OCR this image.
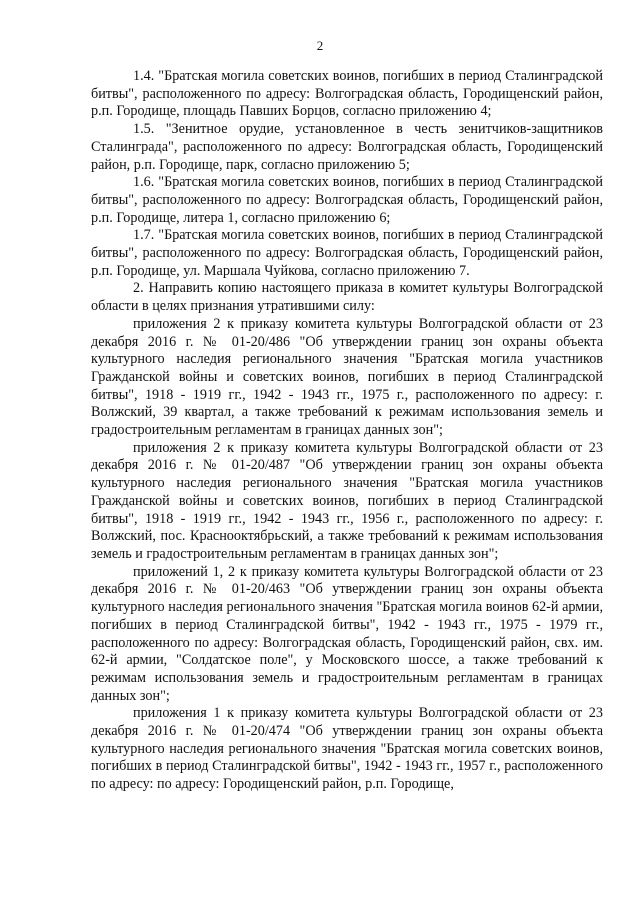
2

1.4. "Братская могила советских воинов, погибших в период Сталинградской битвы", расположенного по адресу: Волгоградская область, Городищенский район, р.п. Городище, площадь Павших Борцов, согласно приложению 4;

1.5. "Зенитное орудие, установленное в честь зенитчиков-защитников Сталинграда", расположенного по адресу: Волгоградская область, Городищенский район, р.п. Городище, парк, согласно приложению 5;

1.6. "Братская могила советских воинов, погибших в период Сталинградской битвы", расположенного по адресу: Волгоградская область, Городищенский район, р.п. Городище, литера 1, согласно приложению 6;

1.7. "Братская могила советских воинов, погибших в период Сталинградской битвы", расположенного по адресу: Волгоградская область, Городищенский район, р.п. Городище, ул. Маршала Чуйкова, согласно приложению 7.

2. Направить копию настоящего приказа в комитет культуры Волгоградской области в целях признания утратившими силу:

приложения 2 к приказу комитета культуры Волгоградской области от 23 декабря 2016 г. № 01-20/486 "Об утверждении границ зон охраны объекта культурного наследия регионального значения "Братская могила участников Гражданской войны и советских воинов, погибших в период Сталинградской битвы", 1918 - 1919 гг., 1942 - 1943 гг., 1975 г., расположенного по адресу: г. Волжский, 39 квартал, а также требований к режимам использования земель и градостроительным регламентам в границах данных зон";

приложения 2 к приказу комитета культуры Волгоградской области от 23 декабря 2016 г. № 01-20/487 "Об утверждении границ зон охраны объекта культурного наследия регионального значения "Братская могила участников Гражданской войны и советских воинов, погибших в период Сталинградской битвы", 1918 - 1919 гг., 1942 - 1943 гг., 1956 г., расположенного по адресу: г. Волжский, пос. Краснооктябрьский, а также требований к режимам использования земель и градостроительным регламентам в границах данных зон";

приложений 1, 2 к приказу комитета культуры Волгоградской области от 23 декабря 2016 г. № 01-20/463 "Об утверждении границ зон охраны объекта культурного наследия регионального значения "Братская могила воинов 62-й армии, погибших в период Сталинградской битвы", 1942 - 1943 гг., 1975 - 1979 гг., расположенного по адресу: Волгоградская область, Городищенский район, свх. им. 62-й армии, "Солдатское поле", у Московского шоссе, а также требований к режимам использования земель и градостроительным регламентам в границах данных зон";

приложения 1 к приказу комитета культуры Волгоградской области от 23 декабря 2016 г. № 01-20/474 "Об утверждении границ зон охраны объекта культурного наследия регионального значения "Братская могила советских воинов, погибших в период Сталинградской битвы", 1942 - 1943 гг., 1957 г., расположенного по адресу: по адресу: Городищенский район, р.п. Городище,
